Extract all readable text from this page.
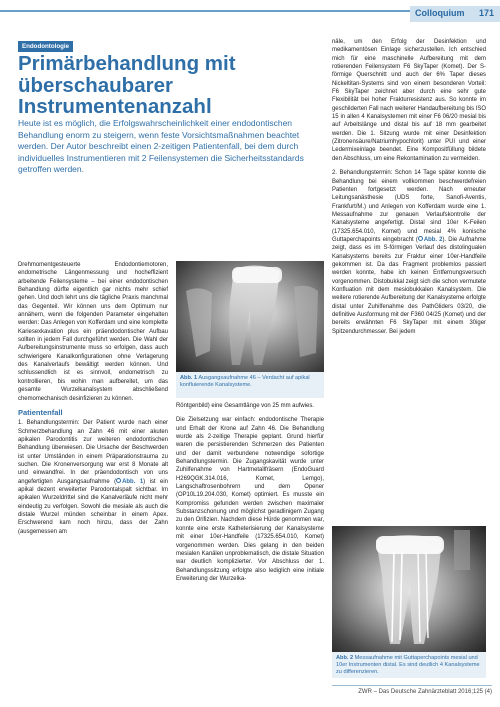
Colloquium 171
Endodontologie
Primärbehandlung mit
überschaubarer
Instrumentenanzahl
Heute ist es möglich, die Erfolgswahrscheinlichkeit einer endodontischen Behandlung enorm zu steigern, wenn feste Vorsichtsmaßnahmen beachtet werden. Der Autor beschreibt einen 2-zeitigen Patientenfall, bei dem durch individuelles Instrumentieren mit 2 Feilensystemen die Sicherheitsstandards getroffen werden.

Drehmomentgesteuerte Endodontiemotoren, endometrische Längenmessung und hocheffizient arbeitende Feilensysteme – bei einer endodontischen Behandlung dürfte eigentlich gar nichts mehr schief gehen. Und doch lehrt uns die tägliche Praxis manchmal das Gegenteil. Wir können uns dem Optimum nur annähern, wenn die folgenden Parameter eingehalten werden: Das Anlegen von Kofferdam und eine komplette Kariesexkavation plus ein präendodontischer Aufbau sollten in jedem Fall durchgeführt werden. Die Wahl der Aufbereitungsinstrumente muss so erfolgen, dass auch schwierigere Kanalkonfigurationen ohne Verlagerung des Kanalverlaufs bewältigt werden können. Und schlussendlich ist es sinnvoll, endometrisch zu kontrollieren, bis wohin man aufbereitet, um das gesamte Wurzelkanalsystem abschließend chemomechanisch desinfizieren zu können.

Patientenfall

1. Behandlungstermin: Der Patient wurde nach einer Schmerzbehandlung an Zahn 46 mit einer akuten apikalen Parodontitis zur weiteren endodontischen Behandlung überwiesen. Die Ursache der Beschwerden ist unter Umständen in einem Präparationstrauma zu suchen. Die Kronenversorgung war erst 8 Monate alt und einwandfrei. In der präendodontisch von uns angefertigten Ausgangsaufnahme ( Abb. 1) ist ein apikal dezent erweiterter Parodontalspalt sichtbar. Im apikalen Wurzeldrittel sind die Kanalverläufe nicht mehr eindeutig zu verfolgen. Sowohl die mesiale als auch die distale Wurzel münden scheinbar in einem Apex. Erschwerend kam noch hinzu, dass der Zahn (ausgemessen am

Abb. 1 Ausgangsaufnahme 46 – Verdacht auf apikal konfluierende Kanalsysteme.

Röntgenbild) eine Gesamtlänge von 25 mm aufwies.

Die Zielsetzung war einfach: endodontische Therapie und Erhalt der Krone auf Zahn 46. Die Behandlung wurde als 2-zeitige Therapie geplant. Grund hierfür waren die persistierenden Schmerzen des Patienten und der damit verbundene notwendige sofortige Behandlungstermin. Die Zugangskavität wurde unter Zuhilfenahme von Hartmetallfräsern (EndoGuard H269QGK.314.016, Komet, Lemgo), Langschaftrosenbohrern und dem Opener (OP10L19.204.030, Komet) optimiert. Es musste ein Kompromiss gefunden werden zwischen maximaler Substanzschonung und möglichst geradlinigem Zugang zu den Orifizien. Nachdem diese Hürde genommen war, konnte eine erste Katheterisierung der Kanalsysteme mit einer 10er-Handfeile (17325.654.010, Komet) vorgenommen werden. Dies gelang in den beiden mesialen Kanälen unproblematisch, die distale Situation war deutlich komplizierter. Vor Abschluss der 1. Behandlungssitzung erfolgte also lediglich eine initiale Erweiterung der Wurzelka-

näle, um den Erfolg der Desinfektion und medikamentösen Einlage sicherzustellen. Ich entschied mich für eine maschinelle Aufbereitung mit dem rotierenden Feilensystem F6 SkyTaper (Komet). Der S-förmige Querschnitt und auch der 6% Taper dieses Nickeltitan-Systems sind von einem besonderen Vorteil: F6 SkyTaper zeichnet aber durch eine sehr gute Flexibilität bei hoher Frakturresistenz aus. So konnte im geschilderten Fall nach weiterer Handaufbereitung bis ISO 15 in allen 4 Kanalsystemen mit einer F6 06/20 mesial bis auf Arbeitslänge und distal bis auf 18 mm gearbeitet werden. Die 1. Sitzung wurde mit einer Desinfektion (Zitronensäure/Natriumhypochlorit) unter PUI und einer Ledermixeinlage beendet. Eine Kompositfüllung bildete den Abschluss, um eine Rekontamination zu vermeiden.

2. Behandlungstermin: Schon 14 Tage später konnte die Behandlung bei einem vollkommen beschwerdefreien Patienten fortgesetzt werden. Nach erneuter Leitungsanästhesie (UDS forte, Sanofi-Aventis, Frankfurt/M.) und Anlegen von Kofferdam wurde eine 1. Messaufnahme zur genauen Verlaufskontrolle der Kanalsysteme angefertigt. Distal sind 10er K-Feilen (17325.654.010, Komet) und mesial 4% konische Guttaperchapoints eingebracht ( Abb. 2). Die Aufnahme zeigt, dass es im S-förmigen Verlauf des distolingualen Kanalsystems bereits zur Fraktur einer 10er-Handfeile gekommen ist. Da das Fragment problemlos passiert werden konnte, habe ich keinen Entfernungsversuch vorgenommen. Distobukkal zeigt sich die schon vermutete Konfluation mit dem mesiobukkalen Kanalsystem. Die weitere rotierende Aufbereitung der Kanalsysteme erfolgte distal unter Zuhilfenahme des PathGliders 03/20, die definitive Ausformung mit der F360 04/25 (Komet) und der bereits erwähnten F6 SkyTaper mit einem 30iger Spitzendurchmesser. Bei jedem

Abb. 2 Messaufnahme mit Guttaperchapoints mesial und 10er Instrumenten distal. Es sind deutlich 4 Kanalsysteme zu differenzieren.
ZWR – Das Deutsche Zahnärzteblatt 2016;125 (4)
